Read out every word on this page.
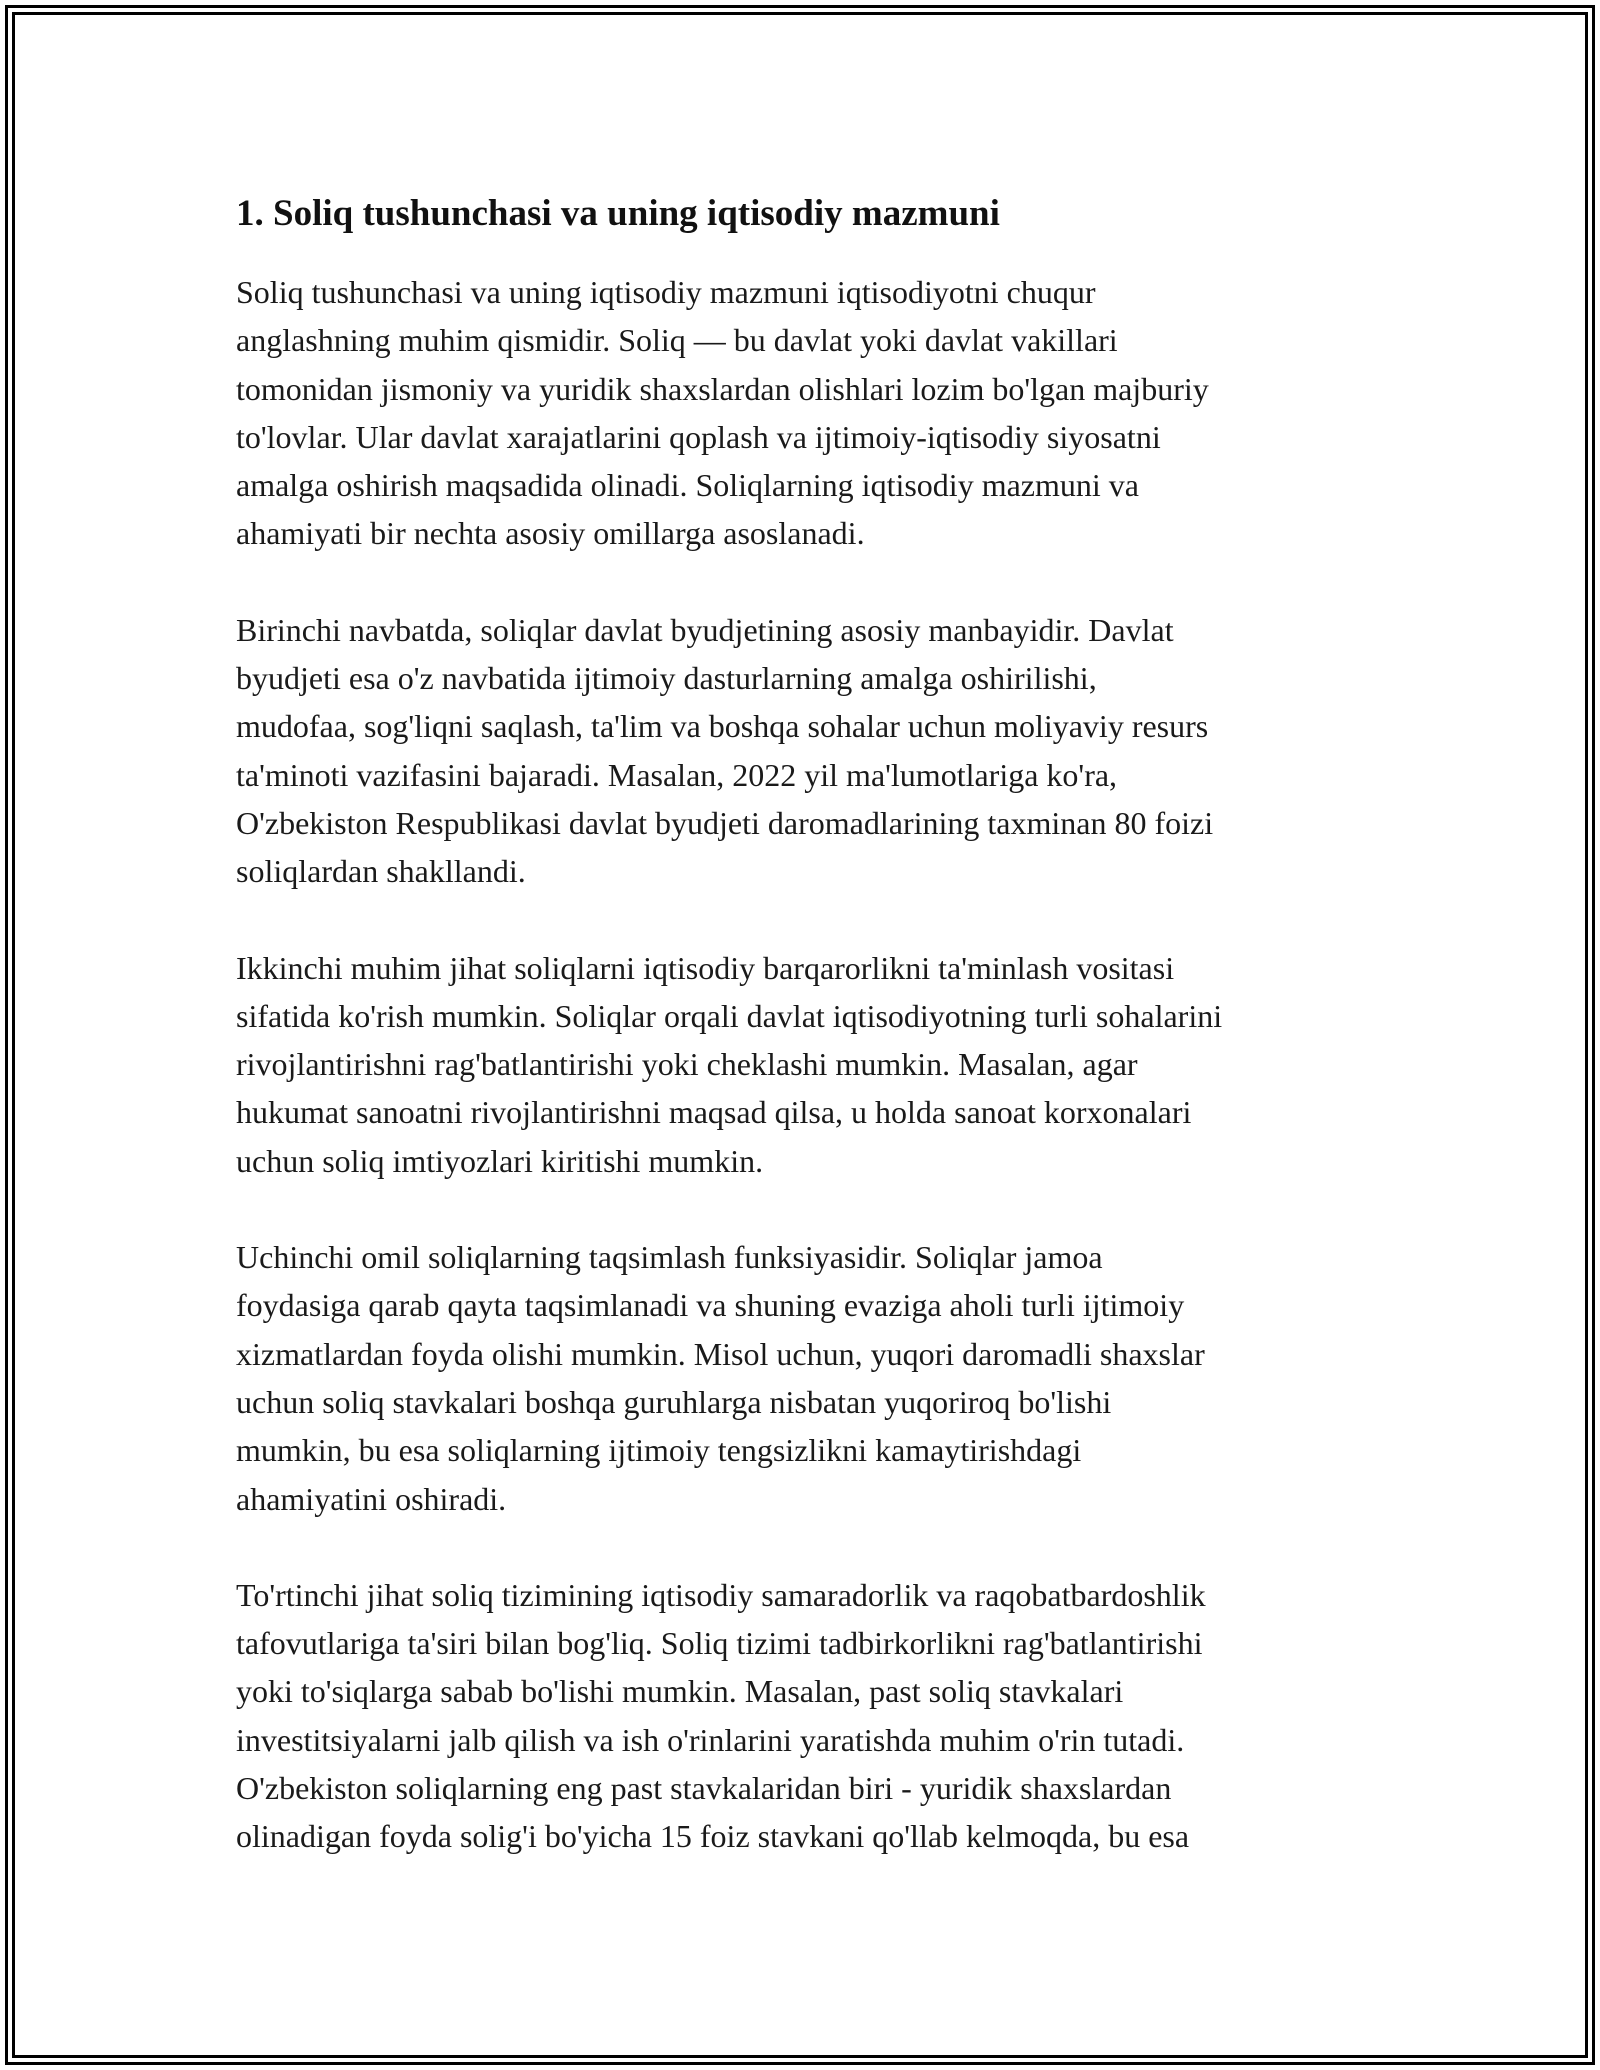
1. Soliq tushunchasi va uning iqtisodiy mazmuni

Soliq tushunchasi va uning iqtisodiy mazmuni iqtisodiyotni chuqur
anglashning muhim qismidir. Soliq — bu davlat yoki davlat vakillari
tomonidan jismoniy va yuridik shaxslardan olishlari lozim bo'lgan majburiy
to'lovlar. Ular davlat xarajatlarini qoplash va ijtimoiy-iqtisodiy siyosatni
amalga oshirish maqsadida olinadi. Soliqlarning iqtisodiy mazmuni va
ahamiyati bir nechta asosiy omillarga asoslanadi.

Birinchi navbatda, soliqlar davlat byudjetining asosiy manbayidir. Davlat
byudjeti esa o'z navbatida ijtimoiy dasturlarning amalga oshirilishi,
mudofaa, sog'liqni saqlash, ta'lim va boshqa sohalar uchun moliyaviy resurs
ta'minoti vazifasini bajaradi. Masalan, 2022 yil ma'lumotlariga ko'ra,
O'zbekiston Respublikasi davlat byudjeti daromadlarining taxminan 80 foizi
soliqlardan shakllandi.

Ikkinchi muhim jihat soliqlarni iqtisodiy barqarorlikni ta'minlash vositasi
sifatida ko'rish mumkin. Soliqlar orqali davlat iqtisodiyotning turli sohalarini
rivojlantirishni rag'batlantirishi yoki cheklashi mumkin. Masalan, agar
hukumat sanoatni rivojlantirishni maqsad qilsa, u holda sanoat korxonalari
uchun soliq imtiyozlari kiritishi mumkin.

Uchinchi omil soliqlarning taqsimlash funksiyasidir. Soliqlar jamoa
foydasiga qarab qayta taqsimlanadi va shuning evaziga aholi turli ijtimoiy
xizmatlardan foyda olishi mumkin. Misol uchun, yuqori daromadli shaxslar
uchun soliq stavkalari boshqa guruhlarga nisbatan yuqoriroq bo'lishi
mumkin, bu esa soliqlarning ijtimoiy tengsizlikni kamaytirishdagi
ahamiyatini oshiradi.

To'rtinchi jihat soliq tizimining iqtisodiy samaradorlik va raqobatbardoshlik
tafovutlariga ta'siri bilan bog'liq. Soliq tizimi tadbirkorlikni rag'batlantirishi
yoki to'siqlarga sabab bo'lishi mumkin. Masalan, past soliq stavkalari
investitsiyalarni jalb qilish va ish o'rinlarini yaratishda muhim o'rin tutadi.
O'zbekiston soliqlarning eng past stavkalaridan biri - yuridik shaxslardan
olinadigan foyda solig'i bo'yicha 15 foiz stavkani qo'llab kelmoqda, bu esa
